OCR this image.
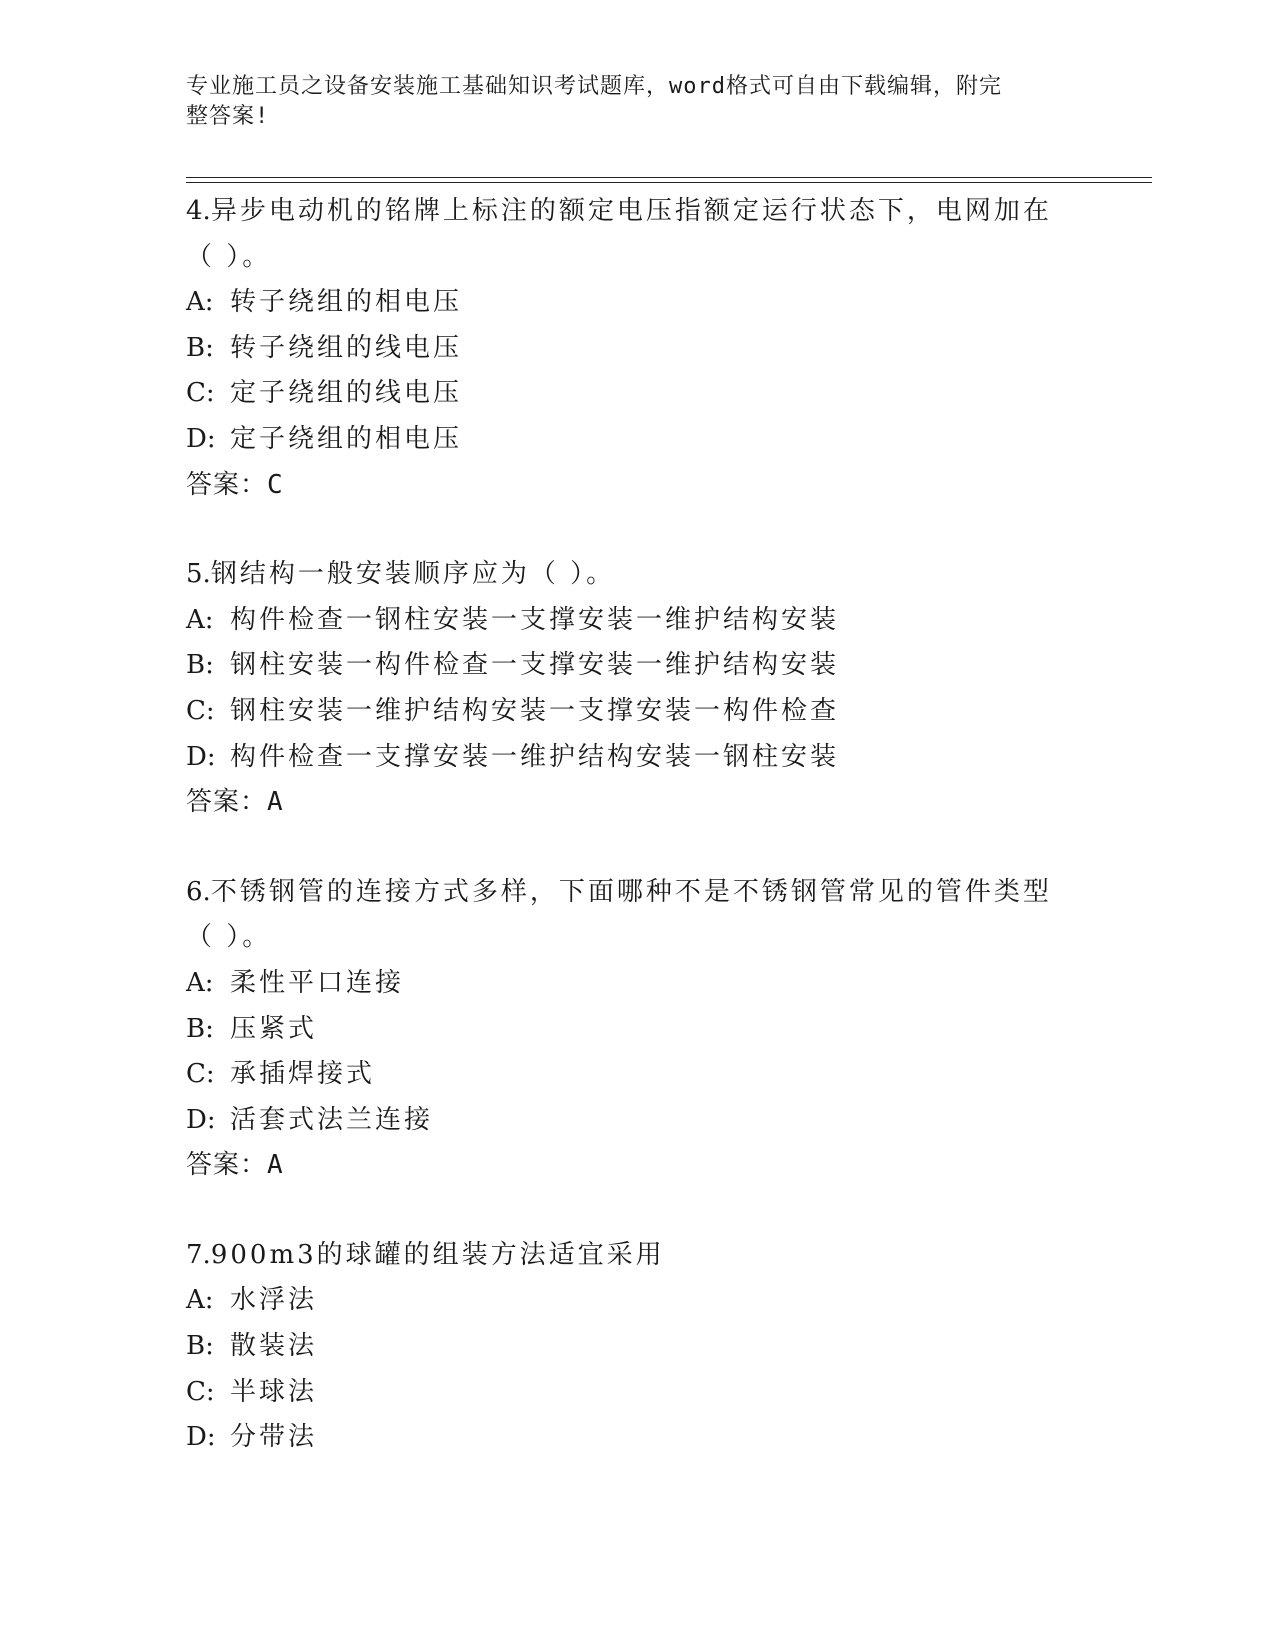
专业施工员之设备安装施工基础知识考试题库，word格式可自由下载编辑，附完
整答案!
4.异步电动机的铭牌上标注的额定电压指额定运行状态下，电网加在
（ ）。
A: 转子绕组的相电压
B: 转子绕组的线电压
C: 定子绕组的线电压
D: 定子绕组的相电压
答案：C
5.钢结构一般安装顺序应为（ ）。
A: 构件检查一钢柱安装一支撑安装一维护结构安装
B: 钢柱安装一构件检查一支撑安装一维护结构安装
C: 钢柱安装一维护结构安装一支撑安装一构件检查
D: 构件检查一支撑安装一维护结构安装一钢柱安装
答案：A
6.不锈钢管的连接方式多样，下面哪种不是不锈钢管常见的管件类型
（ ）。
A: 柔性平口连接
B: 压紧式
C: 承插焊接式
D: 活套式法兰连接
答案：A
7.900m3的球罐的组装方法适宜采用
A: 水浮法
B: 散装法
C: 半球法
D: 分带法
